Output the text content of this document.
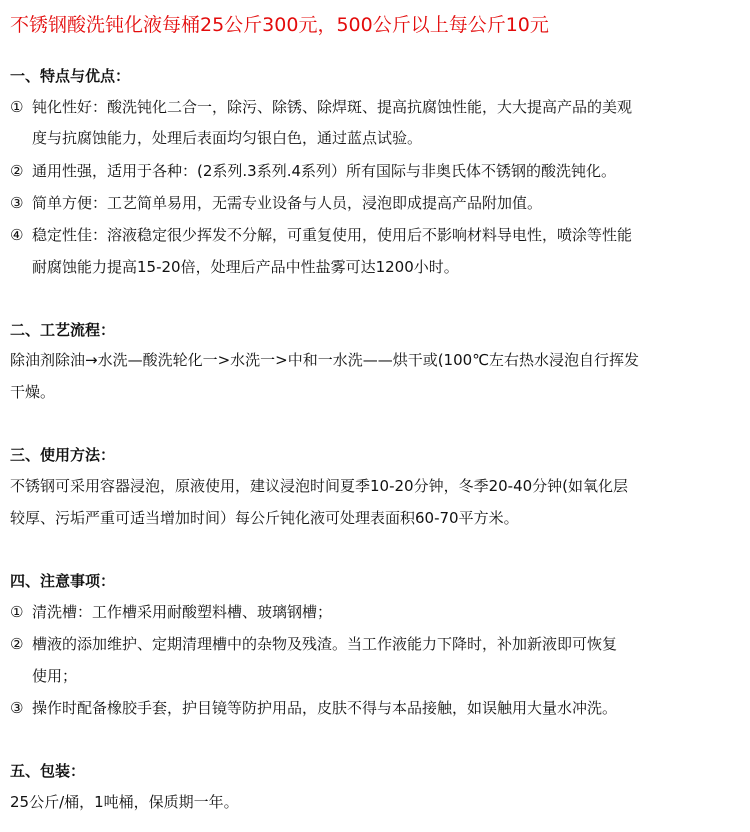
不锈钢酸洗钝化液每桶25公斤300元，500公斤以上每公斤10元
一、特点与优点：
① 钝化性好：酸洗钝化二合一，除污、除锈、除焊斑、提高抗腐蚀性能，大大提高产品的美观
度与抗腐蚀能力，处理后表面均匀银白色，通过蓝点试验。
② 通用性强，适用于各种：(2系列.3系列.4系列）所有国际与非奥氏体不锈钢的酸洗钝化。
③ 简单方便：工艺简单易用，无需专业设备与人员，浸泡即成提高产品附加值。
④ 稳定性佳：溶液稳定很少挥发不分解，可重复使用，使用后不影响材料导电性，喷涂等性能
耐腐蚀能力提高15-20倍，处理后产品中性盐雾可达1200小时。
二、工艺流程：
除油剂除油→水洗—酸洗轮化一>水洗一>中和一水洗——烘干或(100℃左右热水浸泡自行挥发
干燥。
三、使用方法：
不锈钢可采用容器浸泡，原液使用，建议浸泡时间夏季10-20分钟，冬季20-40分钟(如氧化层
较厚、污垢严重可适当增加时间）每公斤钝化液可处理表面积60-70平方米。
四、注意事项：
① 清洗槽：工作槽采用耐酸塑料槽、玻璃钢槽；
② 槽液的添加维护、定期清理槽中的杂物及残渣。当工作液能力下降时，补加新液即可恢复
使用；
③ 操作时配备橡胶手套，护目镜等防护用品，皮肤不得与本品接触，如误触用大量水冲洗。
五、包装：
25公斤/桶，1吨桶，保质期一年。
